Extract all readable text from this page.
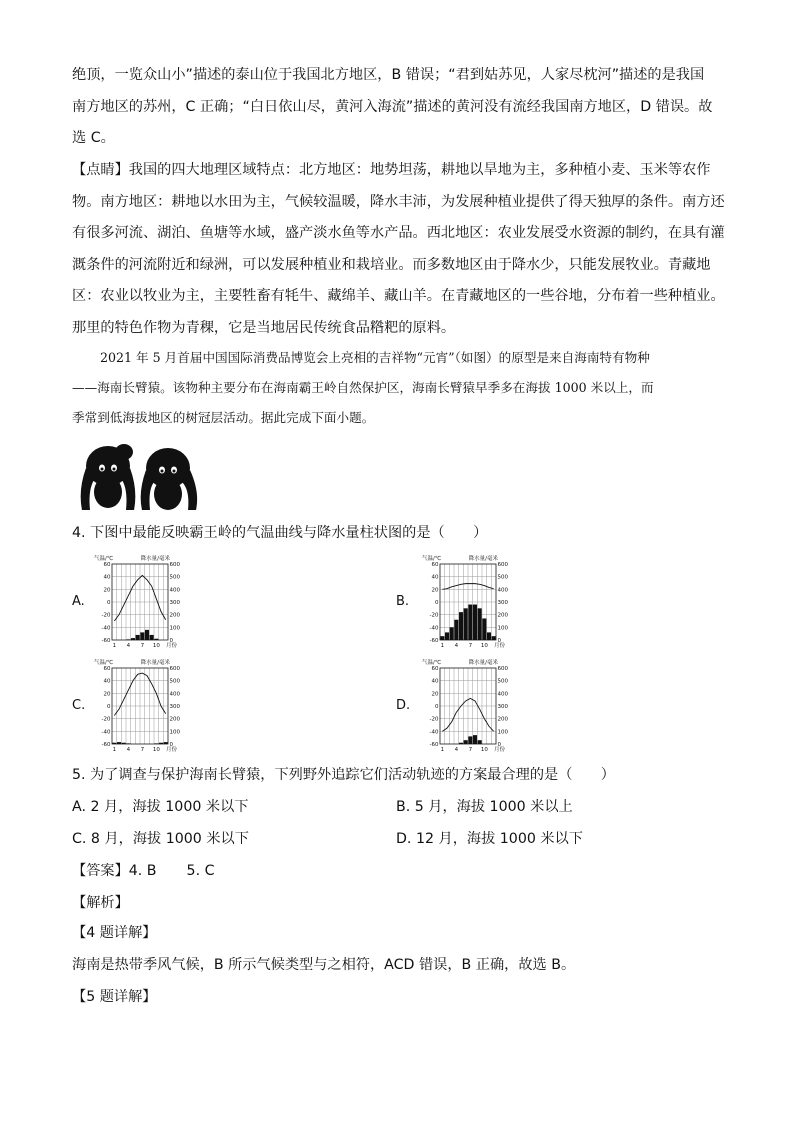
绝顶，一览众山小”描述的泰山位于我国北方地区，B 错误；“君到姑苏见，人家尽枕河”描述的是我国
南方地区的苏州，C 正确；“白日依山尽，黄河入海流”描述的黄河没有流经我国南方地区，D 错误。故
选 C。
【点睛】我国的四大地理区域特点：北方地区：地势坦荡，耕地以旱地为主，多种植小麦、玉米等农作
物。南方地区：耕地以水田为主，气候较温暖，降水丰沛，为发展种植业提供了得天独厚的条件。南方还
有很多河流、湖泊、鱼塘等水域，盛产淡水鱼等水产品。西北地区：农业发展受水资源的制约，在具有灌
溉条件的河流附近和绿洲，可以发展种植业和栽培业。而多数地区由于降水少，只能发展牧业。青藏地
区：农业以牧业为主，主要牲畜有牦牛、藏绵羊、藏山羊。在青藏地区的一些谷地，分布着一些种植业。
那里的特色作物为青稞，它是当地居民传统食品糌粑的原料。
2021 年 5 月首届中国国际消费品博览会上亮相的吉祥物“元宵”（如图）的原型是来自海南特有物种
——海南长臂猿。该物种主要分布在海南霸王岭自然保护区，海南长臂猿早季多在海拔 1000 米以上，而
季常到低海拔地区的树冠层活动。据此完成下面小题。
4. 下图中最能反映霸王岭的气温曲线与降水量柱状图的是（　　）
A.	B.
C.	D.
60
40
20
0
-20
-40
-60
600
500
400
300
200
100
0
1 4 7 10 月份
气温/℃	降水量/毫米
60
40
20
0
-20
-40
-60
600
500
400
300
200
100
0
1 4 7 10 月份
气温/℃	降水量/毫米
60
40
20
0
-20
-40
-60
600
500
400
300
200
100
0
1 4 7 10 月份
气温/℃	降水量/毫米
60
40
20
0
-20
-40
-60
600
500
400
300
200
100
0
1 4 7 10 月份
气温/℃	降水量/毫米
5. 为了调查与保护海南长臂猿，下列野外追踪它们活动轨迹的方案最合理的是（　　）
A. 2 月，海拔 1000 米以下	B. 5 月，海拔 1000 米以上
C. 8 月，海拔 1000 米以下	D. 12 月，海拔 1000 米以下
【答案】4. B 5. C
【解析】
【4 题详解】
海南是热带季风气候，B 所示气候类型与之相符，ACD 错误，B 正确，故选 B。
【5 题详解】
